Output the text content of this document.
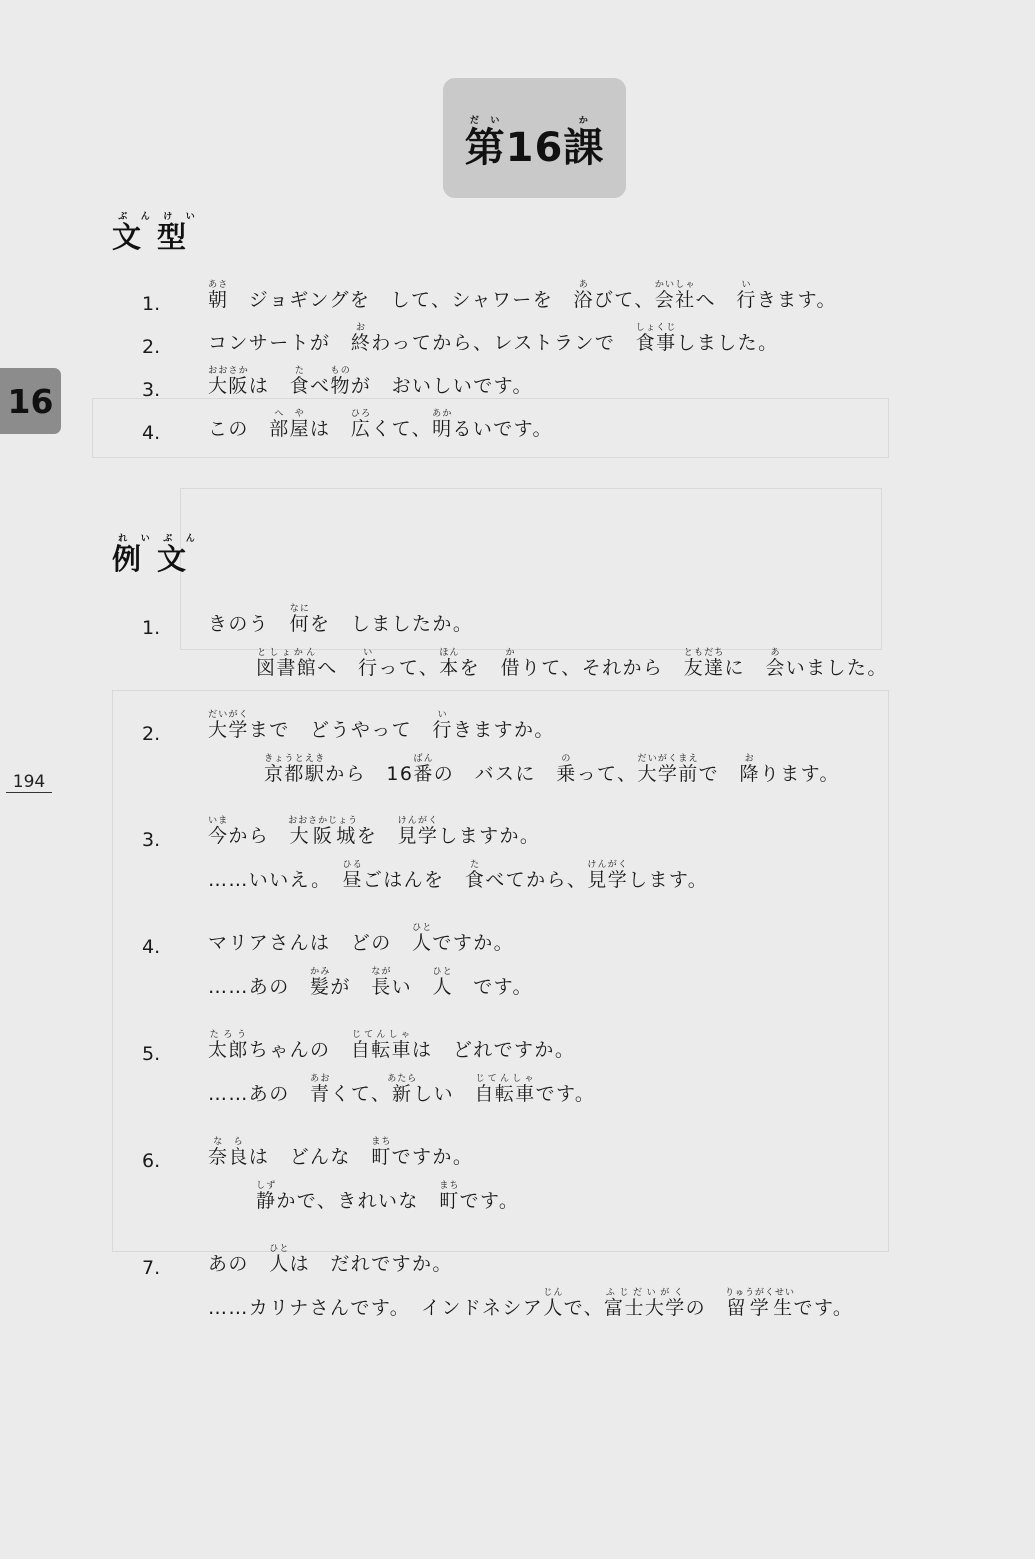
第だい16課か
16
194
文ぶん型けい
1.	朝あさ　ジョギングを　して、シャワーを　浴あびて、会社かいしゃへ　行いきます。
2.	コンサートが　終おわってから、レストランで　食事しょくじしました。
3.	大阪おおさかは　食たべ物ものが　おいしいです。
4.	この　部屋へやは　広ひろくて、明あかるいです。
例れい文ぶん
1.	きのう　何なにを　しましたか。
図書館としょかんへ　行いって、本ほんを　借かりて、それから　友達ともだちに　会あいました。
2.	大学だいがくまで　どうやって　行いきますか。
京都駅きょうとえきから　16番ばんの　バスに　乗のって、大学前だいがくまえで　降おります。
3.	今いまから　大阪城おおさかじょうを　見学けんがくしますか。
……いいえ。　昼ひるごはんを　食たべてから、見学けんがくします。
4.	マリアさんは　どの　人ひとですか。
……あの　髪かみが　長ながい　人ひと　です。
5.	太郎たろうちゃんの　自転車じてんしゃは　どれですか。
……あの　青あおくて、新あたらしい　自転車じてんしゃです。
6.	奈良ならは　どんな　町まちですか。
静しずかで、きれいな　町まちです。
7.	あの　人ひとは　だれですか。
……カリナさんです。　インドネシア人じんで、富士大学ふじだいがくの　留学生りゅうがくせいです。
